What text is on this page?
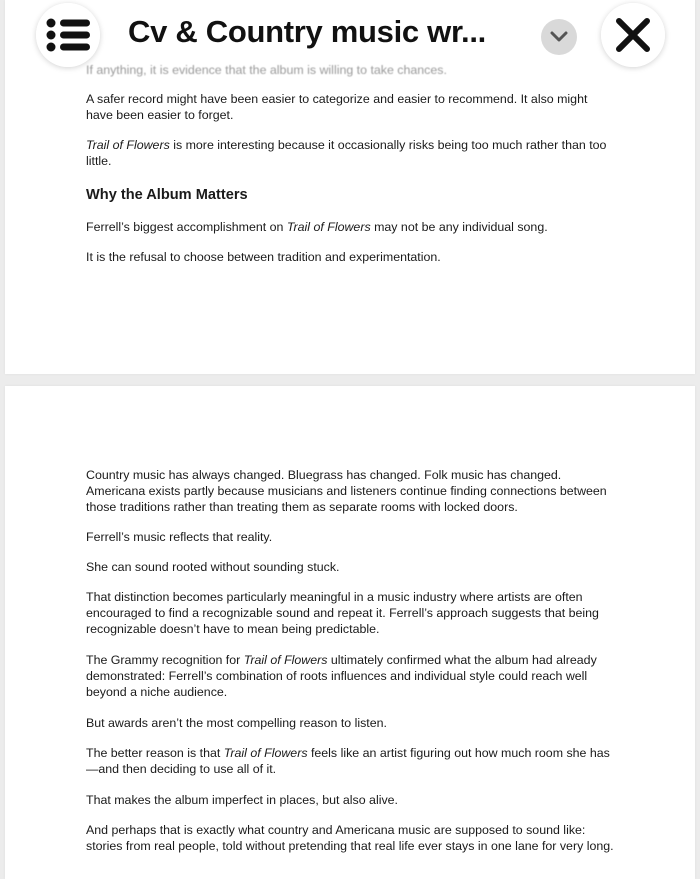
If anything, it is evidence that the album is willing to take chances.

A safer record might have been easier to categorize and easier to recommend. It also might have been easier to forget.

Trail of Flowers is more interesting because it occasionally risks being too much rather than too little.

Why the Album Matters

Ferrell’s biggest accomplishment on Trail of Flowers may not be any individual song.

It is the refusal to choose between tradition and experimentation.

Country music has always changed. Bluegrass has changed. Folk music has changed. Americana exists partly because musicians and listeners continue finding connections between those traditions rather than treating them as separate rooms with locked doors.

Ferrell’s music reflects that reality.

She can sound rooted without sounding stuck.

That distinction becomes particularly meaningful in a music industry where artists are often encouraged to find a recognizable sound and repeat it. Ferrell’s approach suggests that being recognizable doesn’t have to mean being predictable.

The Grammy recognition for Trail of Flowers ultimately confirmed what the album had already demonstrated: Ferrell’s combination of roots influences and individual style could reach well beyond a niche audience.

But awards aren’t the most compelling reason to listen.

The better reason is that Trail of Flowers feels like an artist figuring out how much room she has—and then deciding to use all of it.

That makes the album imperfect in places, but also alive.

And perhaps that is exactly what country and Americana music are supposed to sound like: stories from real people, told without pretending that real life ever stays in one lane for very long.

Cv & Country music wr...
